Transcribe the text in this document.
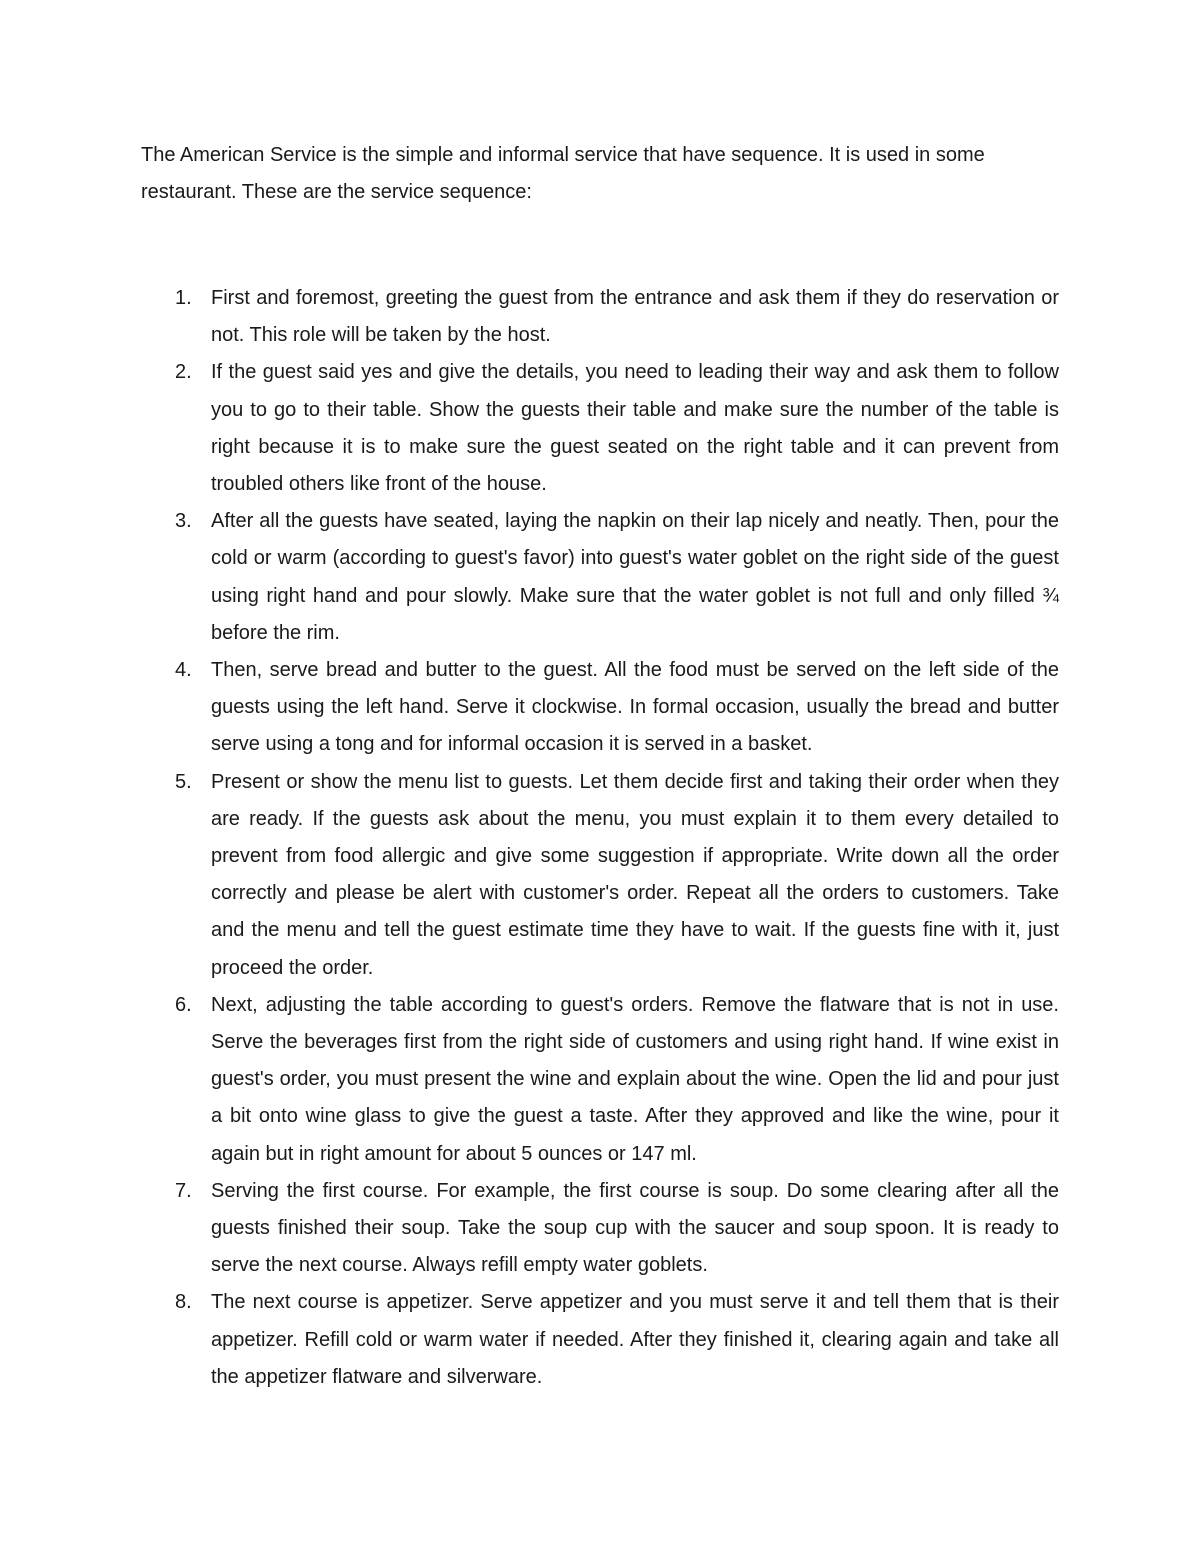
The American Service is the simple and informal service that have sequence. It is used in some restaurant. These are the service sequence:

1. First and foremost, greeting the guest from the entrance and ask them if they do reservation or not. This role will be taken by the host.
2. If the guest said yes and give the details, you need to leading their way and ask them to follow you to go to their table. Show the guests their table and make sure the number of the table is right because it is to make sure the guest seated on the right table and it can prevent from troubled others like front of the house.
3. After all the guests have seated, laying the napkin on their lap nicely and neatly. Then, pour the cold or warm (according to guest's favor) into guest's water goblet on the right side of the guest using right hand and pour slowly. Make sure that the water goblet is not full and only filled ¾ before the rim.
4. Then, serve bread and butter to the guest. All the food must be served on the left side of the guests using the left hand. Serve it clockwise. In formal occasion, usually the bread and butter serve using a tong and for informal occasion it is served in a basket.
5. Present or show the menu list to guests. Let them decide first and taking their order when they are ready. If the guests ask about the menu, you must explain it to them every detailed to prevent from food allergic and give some suggestion if appropriate. Write down all the order correctly and please be alert with customer's order. Repeat all the orders to customers. Take and the menu and tell the guest estimate time they have to wait. If the guests fine with it, just proceed the order.
6. Next, adjusting the table according to guest's orders. Remove the flatware that is not in use. Serve the beverages first from the right side of customers and using right hand. If wine exist in guest's order, you must present the wine and explain about the wine. Open the lid and pour just a bit onto wine glass to give the guest a taste. After they approved and like the wine, pour it again but in right amount for about 5 ounces or 147 ml.
7. Serving the first course. For example, the first course is soup. Do some clearing after all the guests finished their soup. Take the soup cup with the saucer and soup spoon. It is ready to serve the next course. Always refill empty water goblets.
8. The next course is appetizer. Serve appetizer and you must serve it and tell them that is their appetizer. Refill cold or warm water if needed. After they finished it, clearing again and take all the appetizer flatware and silverware.
